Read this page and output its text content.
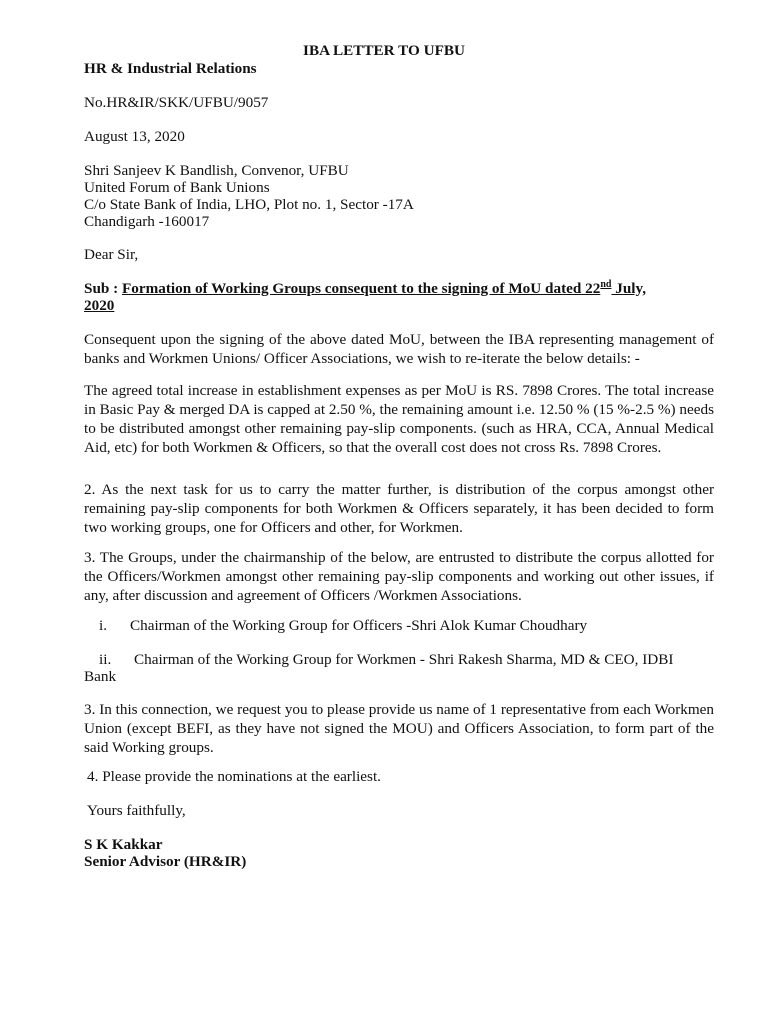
IBA LETTER TO UFBU
HR & Industrial Relations
No.HR&IR/SKK/UFBU/9057
August 13, 2020
Shri Sanjeev K Bandlish, Convenor, UFBU
United Forum of Bank Unions
C/o State Bank of India, LHO, Plot no. 1, Sector -17A
Chandigarh -160017
Dear Sir,
Sub : Formation of Working Groups consequent to the signing of MoU dated 22nd July,
2020
Consequent upon the signing of the above dated MoU, between the IBA representing management of banks and Workmen Unions/ Officer Associations, we wish to re-iterate the below details: -
The agreed total increase in establishment expenses as per MoU is RS. 7898 Crores. The total increase in Basic Pay & merged DA is capped at 2.50 %, the remaining amount i.e. 12.50 % (15 %-2.5 %) needs to be distributed amongst other remaining pay-slip components. (such as HRA, CCA, Annual Medical Aid, etc) for both Workmen & Officers, so that the overall cost does not cross Rs. 7898 Crores.
2. As the next task for us to carry the matter further, is distribution of the corpus amongst other remaining pay-slip components for both Workmen & Officers separately, it has been decided to form two working groups, one for Officers and other, for Workmen.
3. The Groups, under the chairmanship of the below, are entrusted to distribute the corpus allotted for the Officers/Workmen amongst other remaining pay-slip components and working out other issues, if any, after discussion and agreement of Officers /Workmen Associations.
i. Chairman of the Working Group for Officers -Shri Alok Kumar Choudhary
ii. Chairman of the Working Group for Workmen - Shri Rakesh Sharma, MD & CEO, IDBI
Bank
3. In this connection, we request you to please provide us name of 1 representative from each Workmen Union (except BEFI, as they have not signed the MOU) and Officers Association, to form part of the said Working groups.
4. Please provide the nominations at the earliest.
Yours faithfully,
S K Kakkar
Senior Advisor (HR&IR)
